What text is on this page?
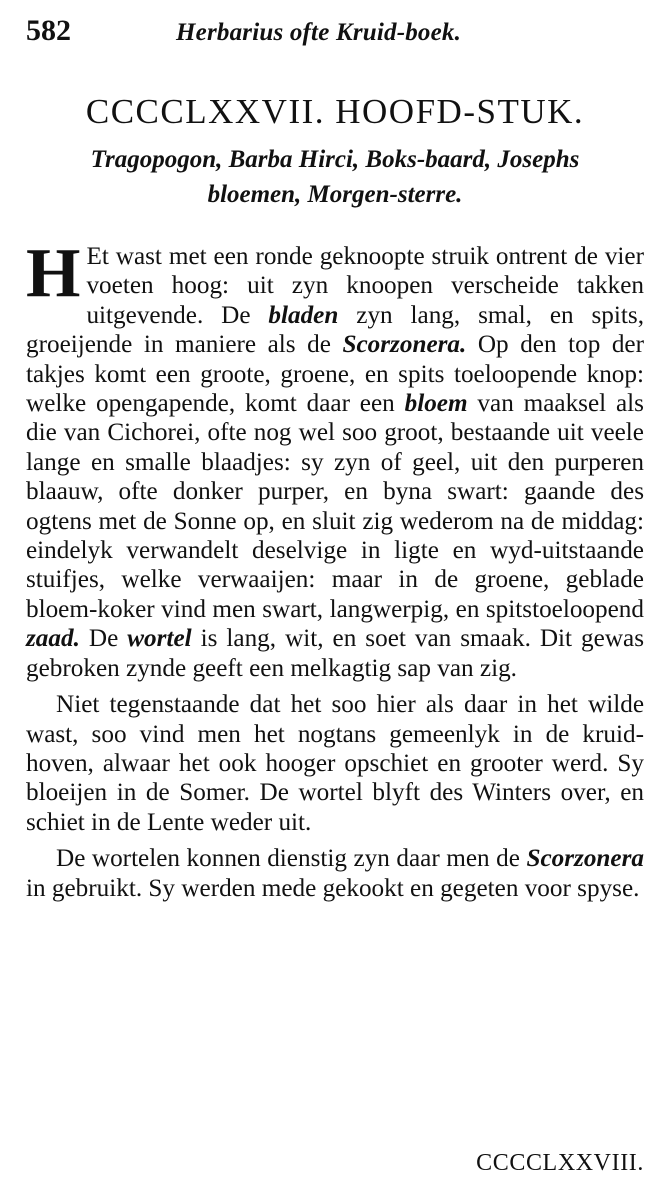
582	Herbarius ofte Kruid-boek.
CCCCLXXVII. HOOFD-STUK.
Tragopogon, Barba Hirci, Boks-baard, Josephs
bloemen, Morgen-sterre.

H Et wast met een ronde geknoopte struik ontrent de vier voeten hoog: uit zyn knoopen verscheide takken uitgevende. De bladen zyn lang, smal, en spits, groeijende in maniere als de Scorzonera. Op den top der takjes komt een groote, groene, en spits toeloopende knop: welke opengapende, komt daar een bloem van maaksel als die van Cichorei, ofte nog wel soo groot, bestaande uit veele lange en smalle blaadjes: sy zyn of geel, uit den purperen blaauw, ofte donker purper, en byna swart: gaande des ogtens met de Sonne op, en sluit zig wederom na de middag: eindelyk verwandelt deselvige in ligte en wyd-uitstaande stuifjes, welke verwaaijen: maar in de groene, geblade bloem-koker vind men swart, langwerpig, en spitstoeloopend zaad. De wortel is lang, wit, en soet van smaak. Dit gewas gebroken zynde geeft een melkagtig sap van zig.

Niet tegenstaande dat het soo hier als daar in het wilde wast, soo vind men het nogtans gemeenlyk in de kruid-hoven, alwaar het ook hooger opschiet en grooter werd. Sy bloeijen in de Somer. De wortel blyft des Winters over, en schiet in de Lente weder uit.

De wortelen konnen dienstig zyn daar men de Scorzonera in gebruikt. Sy werden mede gekookt en gegeten voor spyse.

CCCCLXXVIII.
